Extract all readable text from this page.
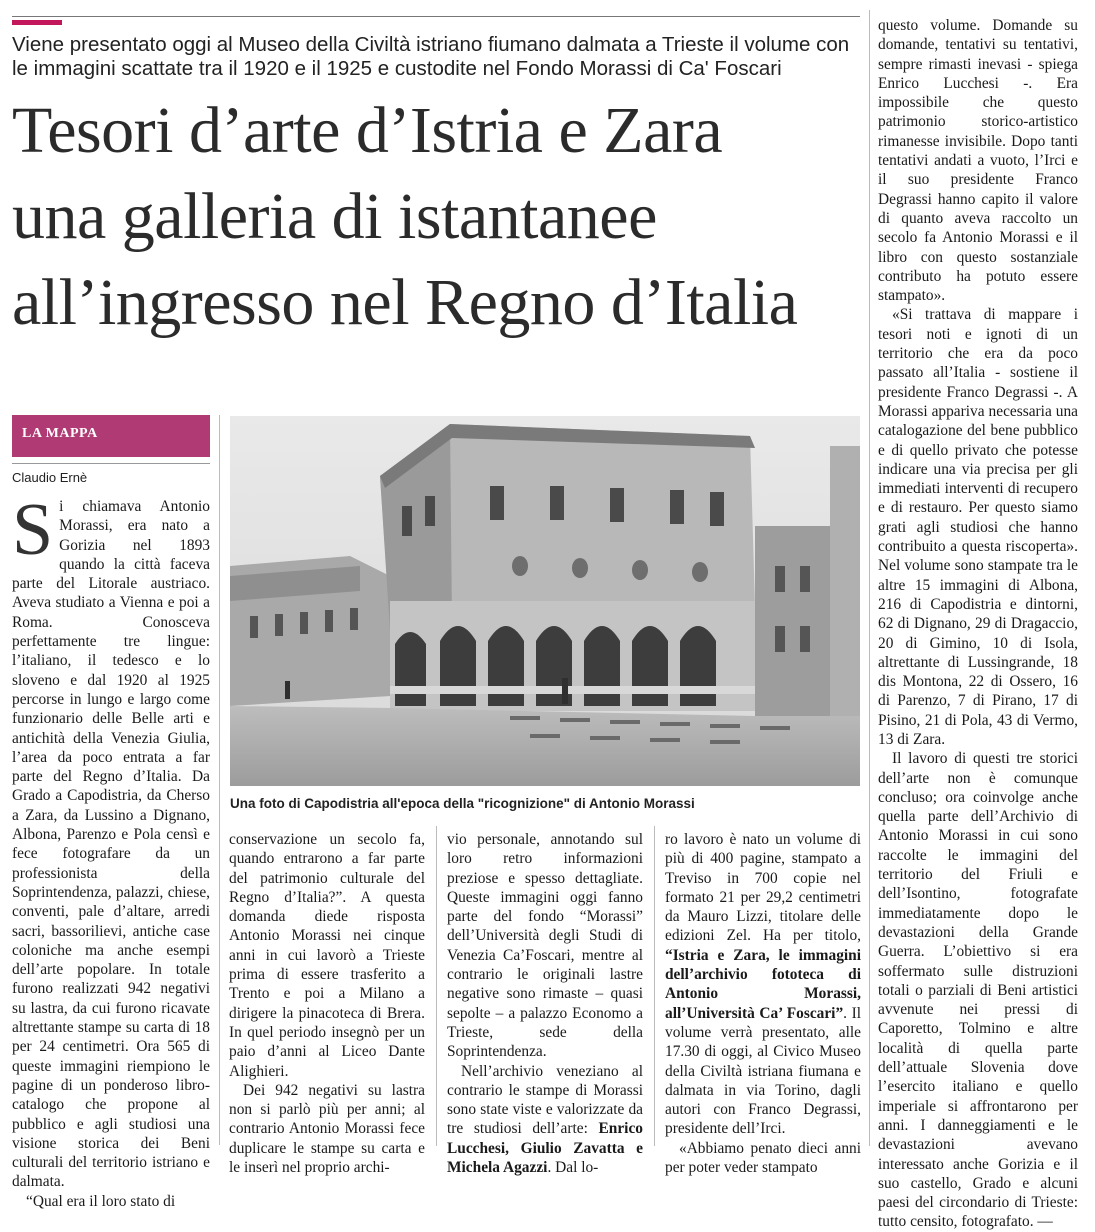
Viene presentato oggi al Museo della Civiltà istriano fiumano dalmata a Trieste il volume con le immagini scattate tra il 1920 e il 1925 e custodite nel Fondo Morassi di Ca' Foscari
Tesori d’arte d’Istria e Zara
una galleria di istantanee
all’ingresso nel Regno d’Italia
LA MAPPA
Claudio Ernè

Si chiamava Antonio Morassi, era nato a Gorizia nel 1893 quando la città faceva parte del Litorale austriaco. Aveva studiato a Vienna e poi a Roma. Conosceva perfettamente tre lingue: l’italiano, il tedesco e lo sloveno e dal 1920 al 1925 percorse in lungo e largo come funzionario delle Belle arti e antichità della Venezia Giulia, l’area da poco entrata a far parte del Regno d’Italia. Da Grado a Capodistria, da Cherso a Zara, da Lussino a Dignano, Albona, Parenzo e Pola censì e fece fotografare da un professionista della Soprintendenza, palazzi, chiese, conventi, pale d’altare, arredi sacri, bassorilievi, antiche case coloniche ma anche esempi dell’arte popolare. In totale furono realizzati 942 negativi su lastra, da cui furono ricavate altrettante stampe su carta di 18 per 24 centimetri. Ora 565 di queste immagini riempiono le pagine di un ponderoso libro-catalogo che propone al pubblico e agli studiosi una visione storica dei Beni culturali del territorio istriano e dalmata.

“Qual era il loro stato di

Una foto di Capodistria all'epoca della "ricognizione" di Antonio Morassi

conservazione un secolo fa, quando entrarono a far parte del patrimonio culturale del Regno d’Italia?”. A questa domanda diede risposta Antonio Morassi nei cinque anni in cui lavorò a Trieste prima di essere trasferito a Trento e poi a Milano a dirigere la pinacoteca di Brera. In quel periodo insegnò per un paio d’anni al Liceo Dante Alighieri.

Dei 942 negativi su lastra non si parlò più per anni; al contrario Antonio Morassi fece duplicare le stampe su carta e le inserì nel proprio archi-

vio personale, annotando sul loro retro informazioni preziose e spesso dettagliate. Queste immagini oggi fanno parte del fondo “Morassi” dell’Università degli Studi di Venezia Ca’Foscari, mentre al contrario le originali lastre negative sono rimaste – quasi sepolte – a palazzo Economo a Trieste, sede della Soprintendenza.

Nell’archivio veneziano al contrario le stampe di Morassi sono state viste e valorizzate da tre studiosi dell’arte: Enrico Lucchesi, Giulio Zavatta e Michela Agazzi. Dal lo-

ro lavoro è nato un volume di più di 400 pagine, stampato a Treviso in 700 copie nel formato 21 per 29,2 centimetri da Mauro Lizzi, titolare delle edizioni Zel. Ha per titolo, “Istria e Zara, le immagini dell’archivio fototeca di Antonio Morassi, all’Università Ca’ Foscari”. Il volume verrà presentato, alle 17.30 di oggi, al Civico Museo della Civiltà istriana fiumana e dalmata in via Torino, dagli autori con Franco Degrassi, presidente dell’Irci.

«Abbiamo penato dieci anni per poter veder stampato

questo volume. Domande su domande, tentativi su tentativi, sempre rimasti inevasi - spiega Enrico Lucchesi -. Era impossibile che questo patrimonio storico-artistico rimanesse invisibile. Dopo tanti tentativi andati a vuoto, l’Irci e il suo presidente Franco Degrassi hanno capito il valore di quanto aveva raccolto un secolo fa Antonio Morassi e il libro con questo sostanziale contributo ha potuto essere stampato».

«Si trattava di mappare i tesori noti e ignoti di un territorio che era da poco passato all’Italia - sostiene il presidente Franco Degrassi -. A Morassi appariva necessaria una catalogazione del bene pubblico e di quello privato che potesse indicare una via precisa per gli immediati interventi di recupero e di restauro. Per questo siamo grati agli studiosi che hanno contribuito a questa riscoperta». Nel volume sono stampate tra le altre 15 immagini di Albona, 216 di Capodistria e dintorni, 62 di Dignano, 29 di Dragaccio, 20 di Gimino, 10 di Isola, altrettante di Lussingrande, 18 dis Montona, 22 di Ossero, 16 di Parenzo, 7 di Pirano, 17 di Pisino, 21 di Pola, 43 di Vermo, 13 di Zara.

Il lavoro di questi tre storici dell’arte non è comunque concluso; ora coinvolge anche quella parte dell’Archivio di Antonio Morassi in cui sono raccolte le immagini del territorio del Friuli e dell’Isontino, fotografate immediatamente dopo le devastazioni della Grande Guerra. L’obiettivo si era soffermato sulle distruzioni totali o parziali di Beni artistici avvenute nei pressi di Caporetto, Tolmino e altre località di quella parte dell’attuale Slovenia dove l’esercito italiano e quello imperiale si affrontarono per anni. I danneggiamenti e le devastazioni avevano interessato anche Gorizia e il suo castello, Grado e alcuni paesi del circondario di Trieste: tutto censito, fotografato. —
